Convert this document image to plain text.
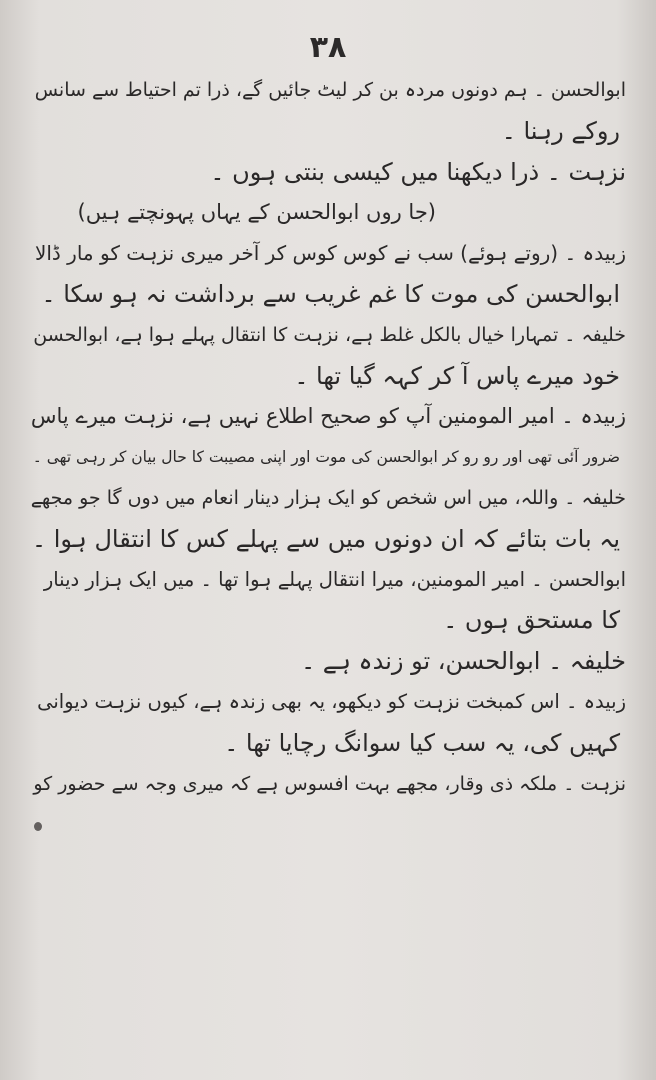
۳۸
ابوالحسن ۔ ہم دونوں مردہ بن کر لیٹ جائیں گے، ذرا تم احتیاط سے سانس
روکے رہنا ۔
نزہت ۔ ذرا دیکھنا میں کیسی بنتی ہوں ۔
(جا روں ابوالحسن کے یہاں پہونچتے ہیں)
زبیدہ ۔ (روتے ہوئے) سب نے کوس کوس کر آخر میری نزہت کو مار ڈالا
ابوالحسن کی موت کا غم غریب سے برداشت نہ ہو سکا ۔
خلیفہ ۔ تمہارا خیال بالکل غلط ہے، نزہت کا انتقال پہلے ہوا ہے، ابوالحسن
خود میرے پاس آ کر کہہ گیا تھا ۔
زبیدہ ۔ امیر المومنین آپ کو صحیح اطلاع نہیں ہے، نزہت میرے پاس
ضرور آئی تھی اور رو رو کر ابوالحسن کی موت اور اپنی مصیبت کا حال بیان کر رہی تھی ۔
خلیفہ ۔ واللہ، میں اس شخص کو ایک ہزار دینار انعام میں دوں گا جو مجھے
یہ بات بتائے کہ ان دونوں میں سے پہلے کس کا انتقال ہوا ۔
ابوالحسن ۔ امیر المومنین، میرا انتقال پہلے ہوا تھا ۔ میں ایک ہزار دینار
کا مستحق ہوں ۔
خلیفہ ۔ ابوالحسن، تو زندہ ہے ۔
زبیدہ ۔ اس کمبخت نزہت کو دیکھو، یہ بھی زندہ ہے، کیوں نزہت دیوانی
کہیں کی، یہ سب کیا سوانگ رچایا تھا ۔
نزہت ۔ ملکہ ذی وقار، مجھے بہت افسوس ہے کہ میری وجہ سے حضور کو
